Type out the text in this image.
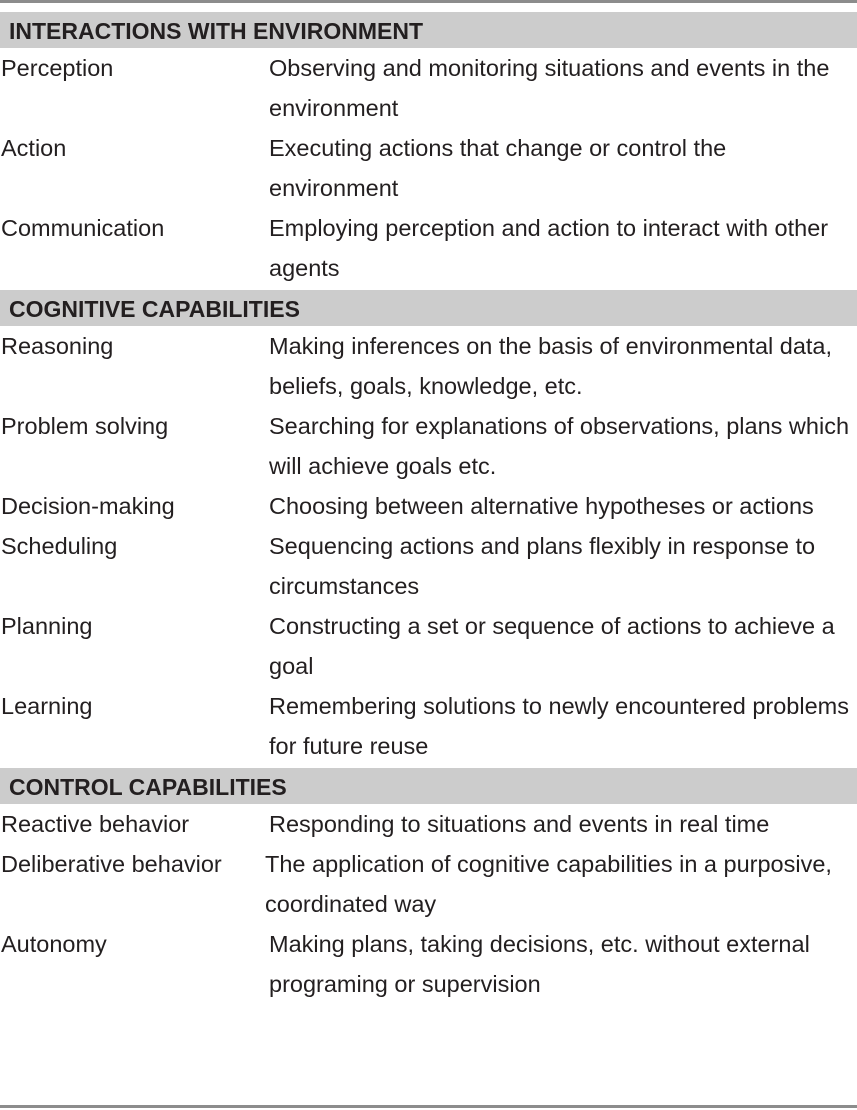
INTERACTIONS WITH ENVIRONMENT
Perception	Observing and monitoring situations and events in the environment
Action	Executing actions that change or control the environment
Communication	Employing perception and action to interact with other agents
COGNITIVE CAPABILITIES
Reasoning	Making inferences on the basis of environmental data, beliefs, goals, knowledge, etc.
Problem solving	Searching for explanations of observations, plans which will achieve goals etc.
Decision-making	Choosing between alternative hypotheses or actions
Scheduling	Sequencing actions and plans flexibly in response to circumstances
Planning	Constructing a set or sequence of actions to achieve a goal
Learning	Remembering solutions to newly encountered problems for future reuse
CONTROL CAPABILITIES
Reactive behavior	Responding to situations and events in real time
Deliberative behavior	The application of cognitive capabilities in a purposive, coordinated way
Autonomy	Making plans, taking decisions, etc. without external programing or supervision
